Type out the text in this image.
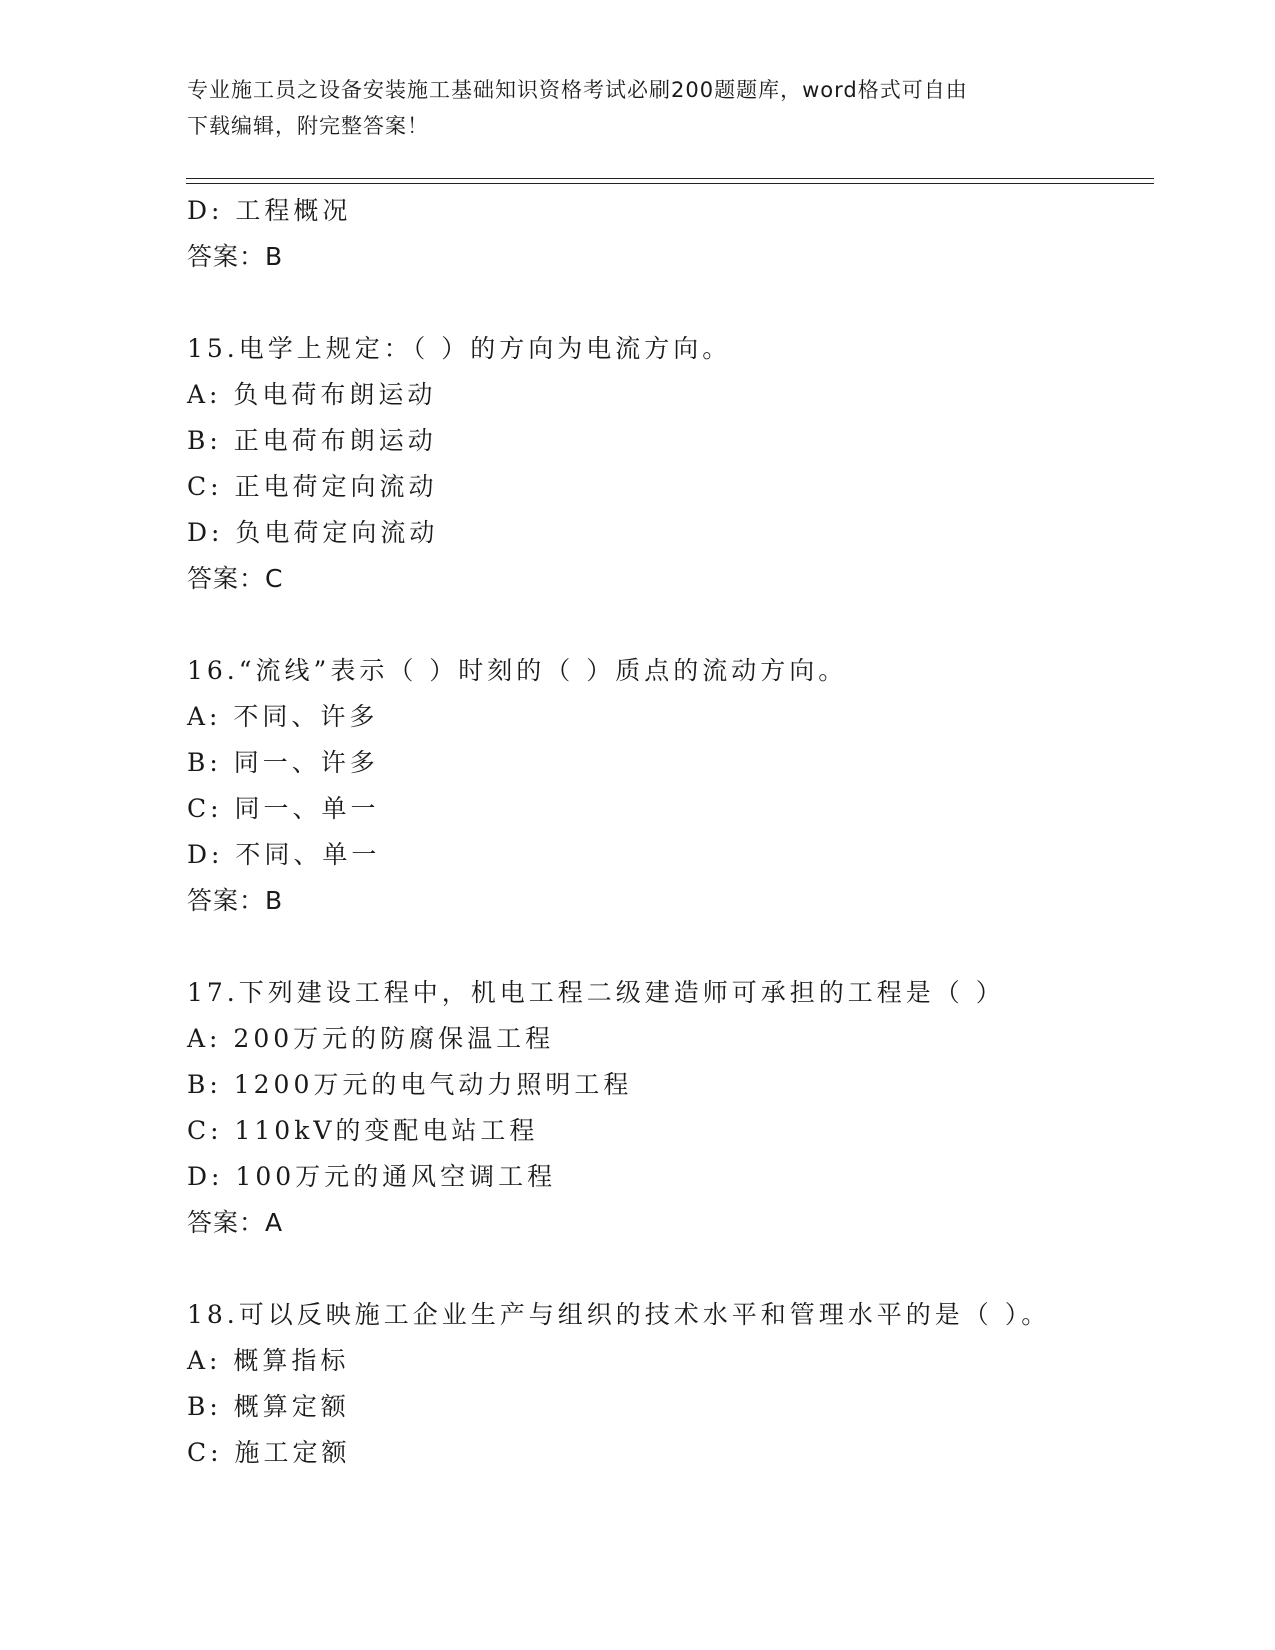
专业施工员之设备安装施工基础知识资格考试必刷200题题库，word格式可自由
下载编辑，附完整答案！
D: 工程概况
答案：B
15.电学上规定：（ ）的方向为电流方向。
A: 负电荷布朗运动
B: 正电荷布朗运动
C: 正电荷定向流动
D: 负电荷定向流动
答案：C
16.“流线”表示（ ）时刻的（ ）质点的流动方向。
A: 不同、许多
B: 同一、许多
C: 同一、单一
D: 不同、单一
答案：B
17.下列建设工程中，机电工程二级建造师可承担的工程是（ ）
A: 200万元的防腐保温工程
B: 1200万元的电气动力照明工程
C: 110kV的变配电站工程
D: 100万元的通风空调工程
答案：A
18.可以反映施工企业生产与组织的技术水平和管理水平的是（ ）。
A: 概算指标
B: 概算定额
C: 施工定额
